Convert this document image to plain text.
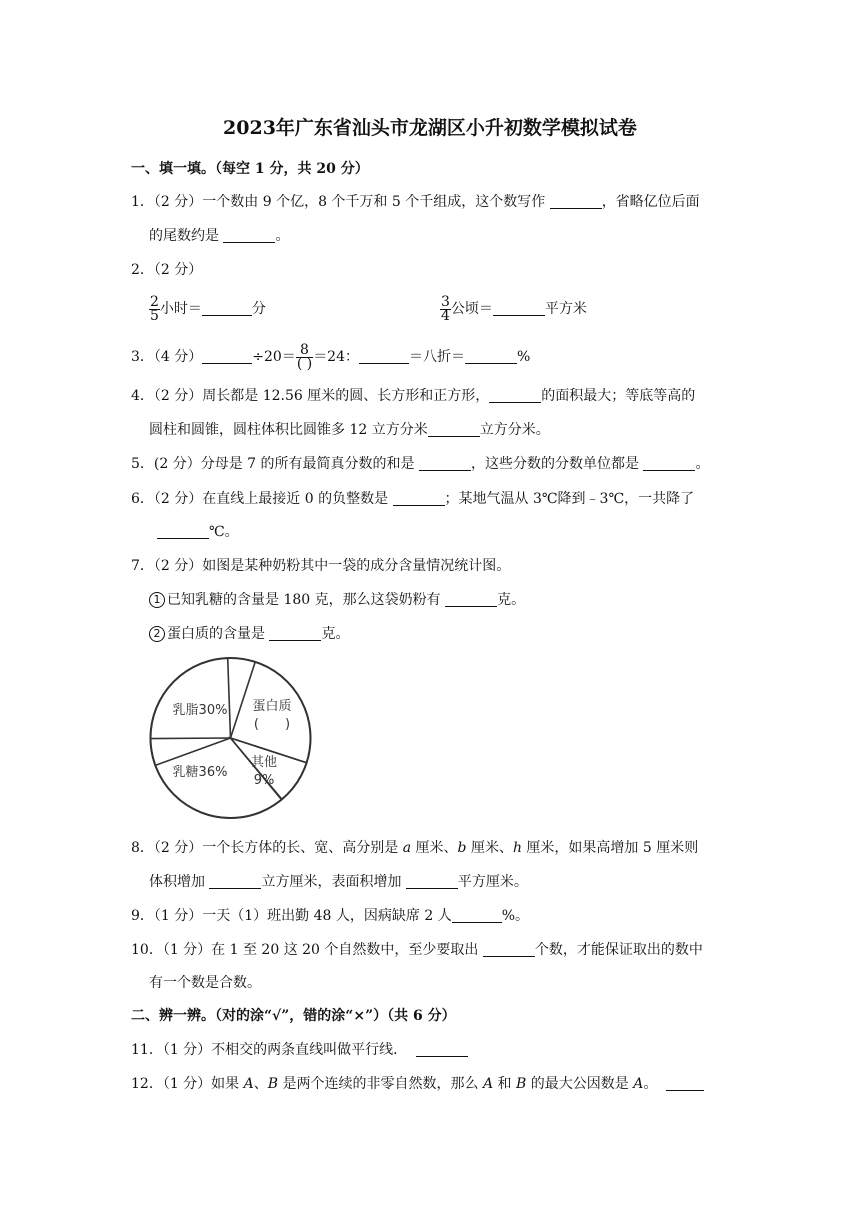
2023年广东省汕头市龙湖区小升初数学模拟试卷
一、填一填。（每空 1 分，共 20 分）
1．（2 分）一个数由 9 个亿，8 个千万和 5 个千组成，这个数写作	，省略亿位后面
的尾数约是	。
2．（2 分）
$\frac{2}{5}$ 小时＝	分	$\frac{3}{4}$ 公顷＝	平方米
3．（4 分）	$\div 20= \frac{8}{( )} =24$：	＝八折＝	%
4．（2 分）周长都是 12.56 厘米的圆、长方形和正方形，	的面积最大；等底等高的
圆柱和圆锥，圆柱体积比圆锥多 12 立方分米	立方分米。
5．(2 分）分母是 7 的所有最简真分数的和是	，这些分数的分数单位都是	。
6．（2 分）在直线上最接近 0 的负整数是	；某地气温从 3℃降到﹣3℃，一共降了
℃。
7．（2 分）如图是某种奶粉其中一袋的成分含量情况统计图。
1 已知乳糖的含量是 180 克，那么这袋奶粉有	克。
2 蛋白质的含量是	克。
乳脂30% 蛋白质
(　　)
其他
9%
乳糖36%
8．（2 分）一个长方体的长、宽、高分别是 a 厘米、b 厘米、h 厘米，如果高增加 5 厘米则
体积增加	立方厘米，表面积增加	平方厘米。
9．（1 分）一天（1）班出勤 48 人，因病缺席 2 人	%。
10．（1 分）在 1 至 20 这 20 个自然数中，至少要取出	个数，才能保证取出的数中
有一个数是合数。
二、辨一辨。（对的涂“√”，错的涂“×”）（共 6 分）
11．（1 分）不相交的两条直线叫做平行线．
12．（1 分）如果 A、B 是两个连续的非零自然数，那么 A 和 B 的最大公因数是 A。
